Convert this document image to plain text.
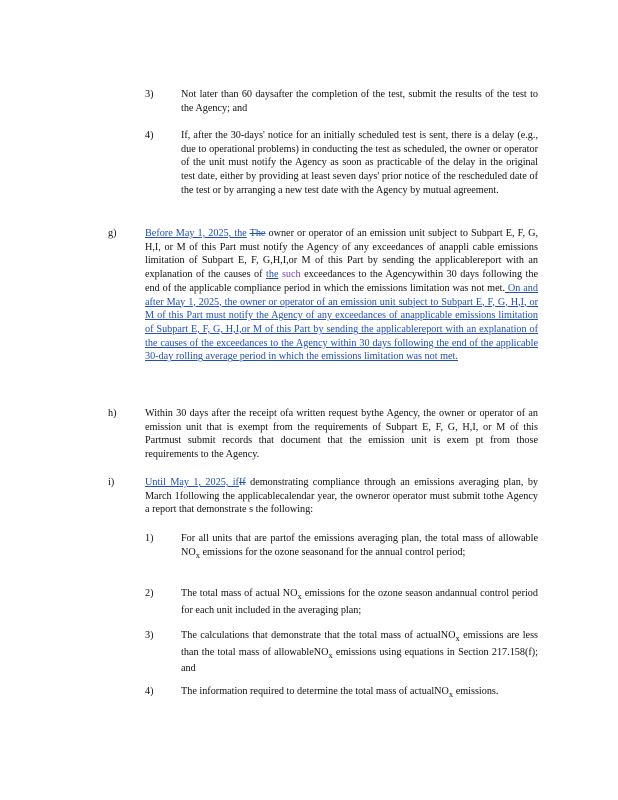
3)	Not later than 60 daysafter the completion of the test, submit the results of the test to the Agency; and
4)	If, after the 30-days' notice for an initially scheduled test is sent, there is a delay (e.g., due to operational problems) in conducting the test as scheduled, the owner or operator of the unit must notify the Agency as soon as practicable of the delay in the original test date, either by providing at least seven days' prior notice of the rescheduled date of the test or by arranging a new test date with the Agency by mutual agreement.
g)	Before May 1, 2025, the The owner or operator of an emission unit subject to Subpart E, F, G, H,I, or M of this Part must notify the Agency of any exceedances of anappli cable emissions limitation of Subpart E, F, G,H,I,or M of this Part by sending the applicablereport with an explanation of the causes of the such exceedances to the Agencywithin 30 days following the end of the applicable compliance period in which the emissions limitation was not met. On and after May 1, 2025, the owner or operator of an emission unit subject to Subpart E, F, G, H,I, or M of this Part must notify the Agency of any exceedances of anapplicable emissions limitation of Subpart E, F, G, H,I,or M of this Part by sending the applicablereport with an explanation of the causes of the exceedances to the Agency within 30 days following the end of the applicable 30-day rolling average period in which the emissions limitation was not met.
h)	Within 30 days after the receipt ofa written request bythe Agency, the owner or operator of an emission unit that is exempt from the requirements of Subpart E, F, G, H,I, or M of this Partmust submit records that document that the emission unit is exem pt from those requirements to the Agency.
i)	Until May 1, 2025, ifIf demonstrating compliance through an emissions averaging plan, by March 1following the applicablecalendar year, the owneror operator must submit tothe Agency a report that demonstrate s the following:
1)	For all units that are partof the emissions averaging plan, the total mass of allowable $NO_x$ emissions for the ozone seasonand for the annual control period;
2)	The total mass of actual $NO_x$ emissions for the ozone season andannual control period for each unit included in the averaging plan;
3)	The calculations that demonstrate that the total mass of actualNO$_x$ emissions are less than the total mass of allowableNO$_x$ emissions using equations in Section 217.158(f); and
4)	The information required to determine the total mass of actualNO$_x$ emissions.
